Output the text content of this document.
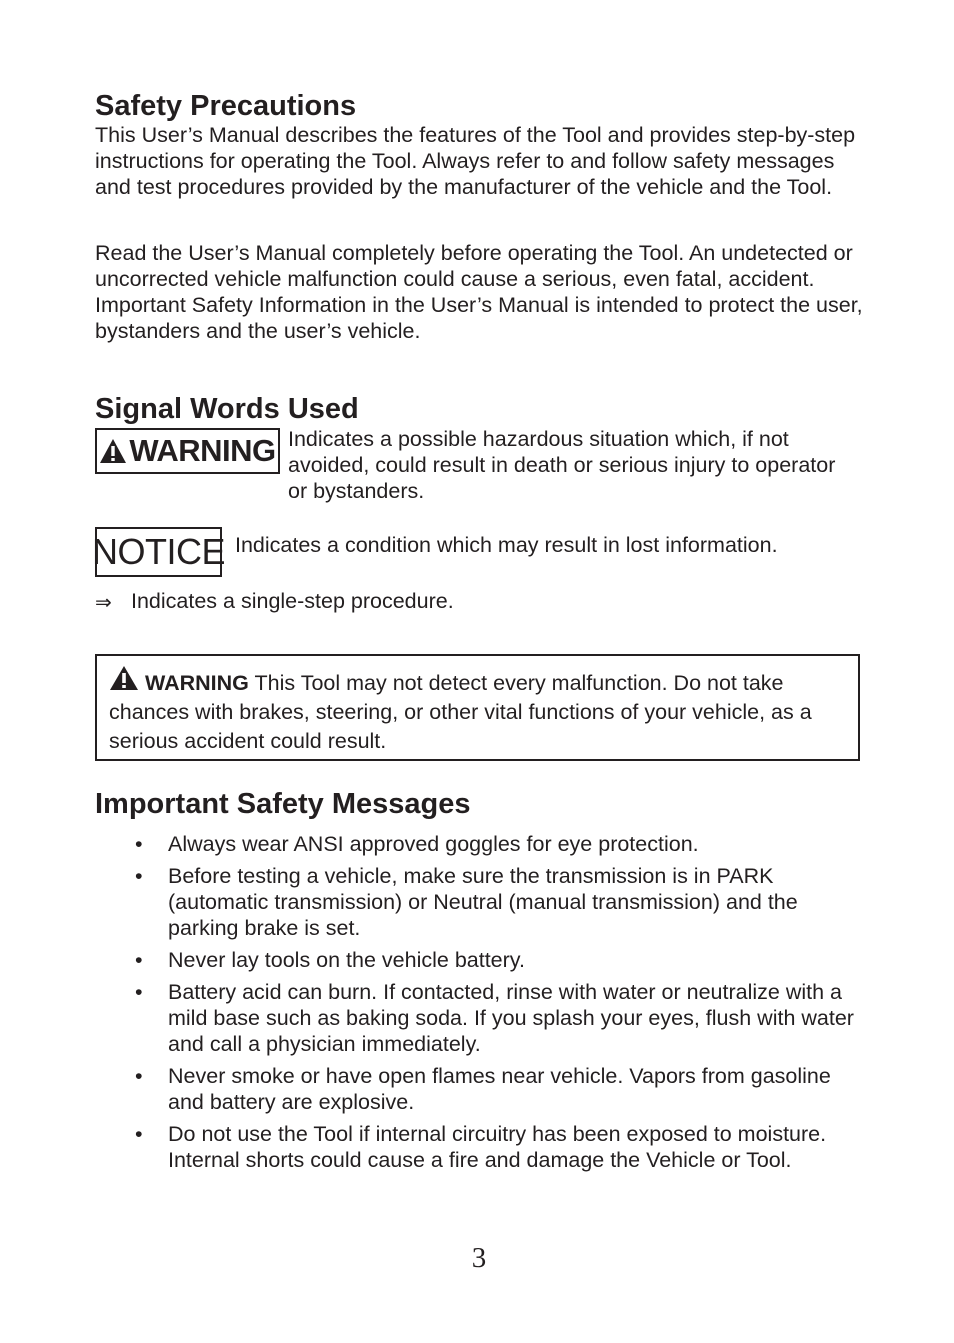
Safety Precautions

This User’s Manual describes the features of the Tool and provides step-by-step instructions for operating the Tool. Always refer to and follow safety messages and test procedures provided by the manufacturer of the vehicle and the Tool.

Read the User’s Manual completely before operating the Tool. An undetected or uncorrected vehicle malfunction could cause a serious, even fatal, accident. Important Safety Information in the User’s Manual is intended to protect the user, bystanders and the user’s vehicle.

Signal Words Used
WARNING Indicates a possible hazardous situation which, if not avoided, could result in death or serious injury to operator or bystanders.

NOTICE Indicates a condition which may result in lost information.

⇒ Indicates a single-step procedure.

WARNING This Tool may not detect every malfunction. Do not take chances with brakes, steering, or other vital functions of your vehicle, as a serious accident could result.

Important Safety Messages
• Always wear ANSI approved goggles for eye protection.
• Before testing a vehicle, make sure the transmission is in PARK (automatic transmission) or Neutral (manual transmission) and the parking brake is set.
• Never lay tools on the vehicle battery.
• Battery acid can burn. If contacted, rinse with water or neutralize with a mild base such as baking soda. If you splash your eyes, flush with water and call a physician immediately.
• Never smoke or have open flames near vehicle. Vapors from gasoline and battery are explosive.
• Do not use the Tool if internal circuitry has been exposed to moisture. Internal shorts could cause a fire and damage the Vehicle or Tool.
3
